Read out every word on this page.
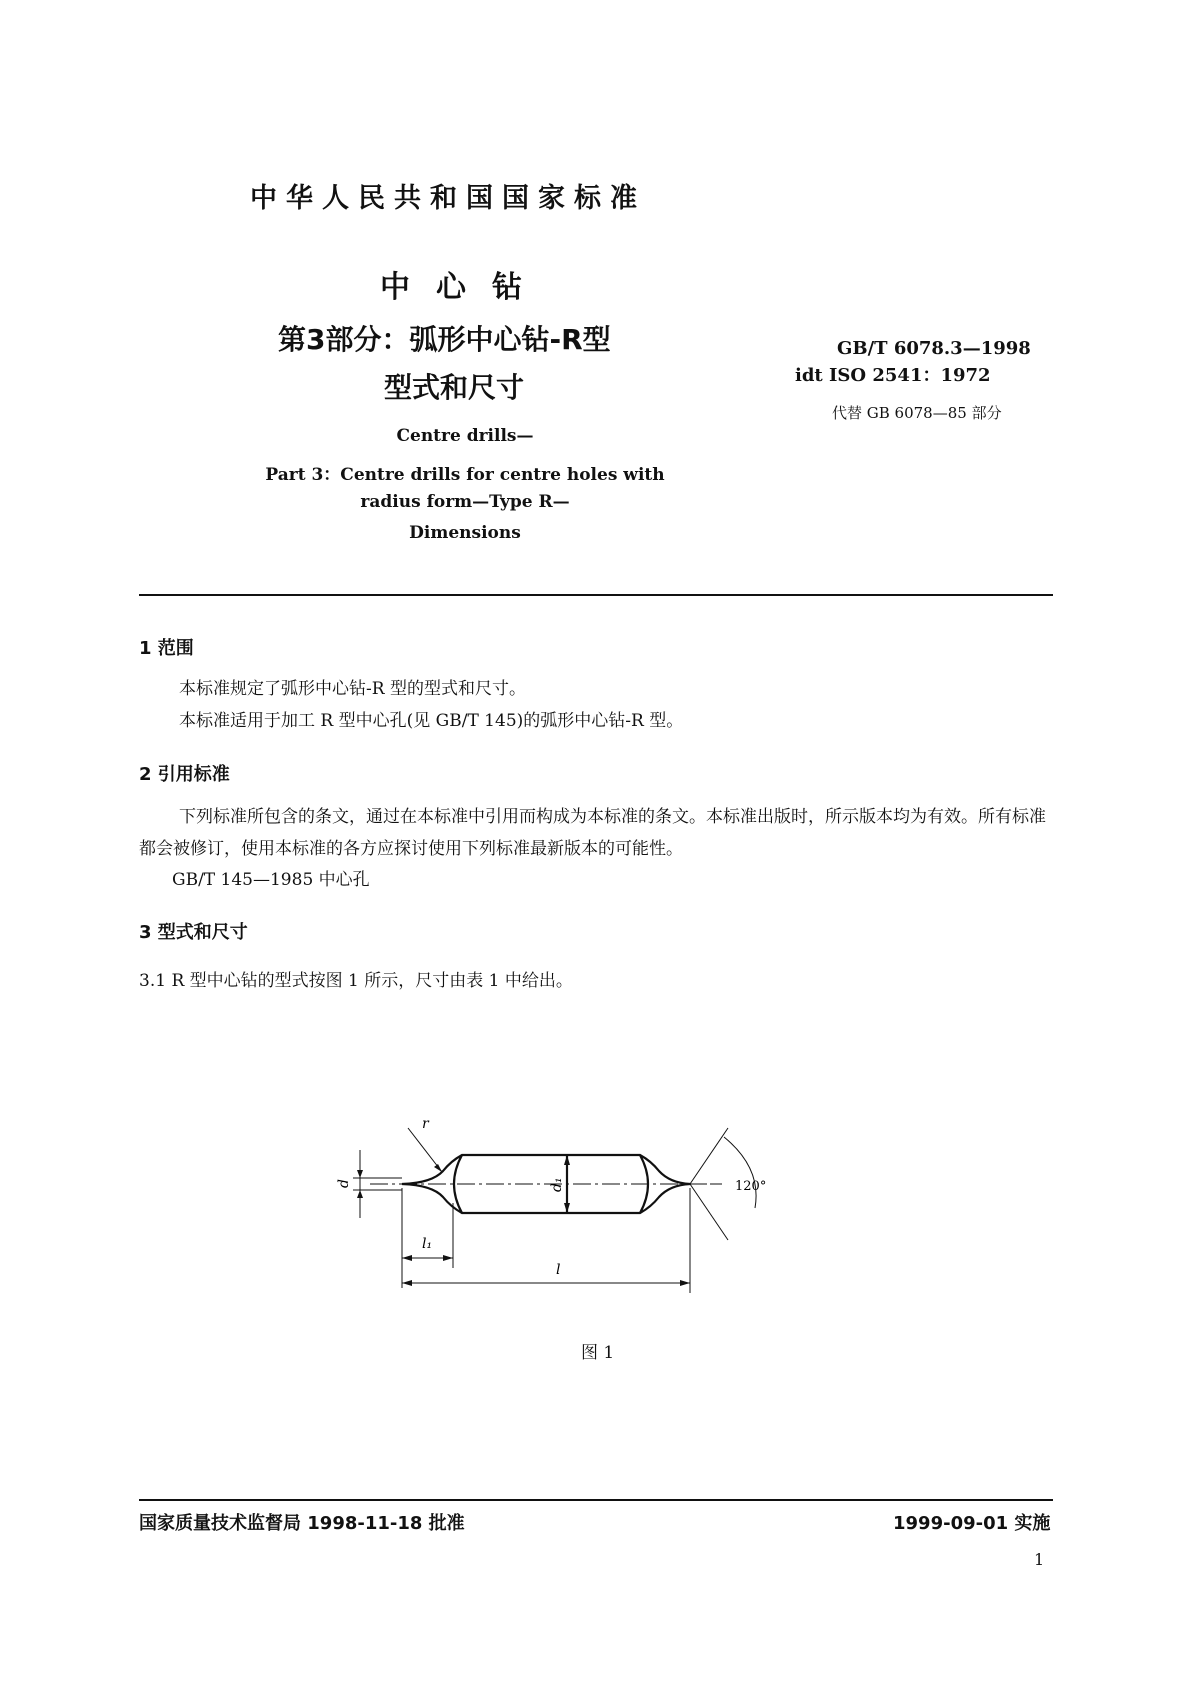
中华人民共和国国家标准
中心钻
第3部分：弧形中心钻-R型
型式和尺寸
GB/T 6078.3—1998
idt ISO 2541：1972
代替 GB 6078—85 部分
Centre drills—
Part 3：Centre drills for centre holes with
radius form—Type R—
Dimensions
1 范围
本标准规定了弧形中心钻-R 型的型式和尺寸。
本标准适用于加工 R 型中心孔(见 GB/T 145)的弧形中心钻-R 型。
2 引用标准
下列标准所包含的条文，通过在本标准中引用而构成为本标准的条文。本标准出版时，所示版本均为有效。所有标准都会被修订，使用本标准的各方应探讨使用下列标准最新版本的可能性。
GB/T 145—1985 中心孔
3 型式和尺寸
3.1 R 型中心钻的型式按图 1 所示，尺寸由表 1 中给出。
r
d	d₁
l₁
l
120°
图 1
国家质量技术监督局 1998-11-18 批准	1999-09-01 实施
1
